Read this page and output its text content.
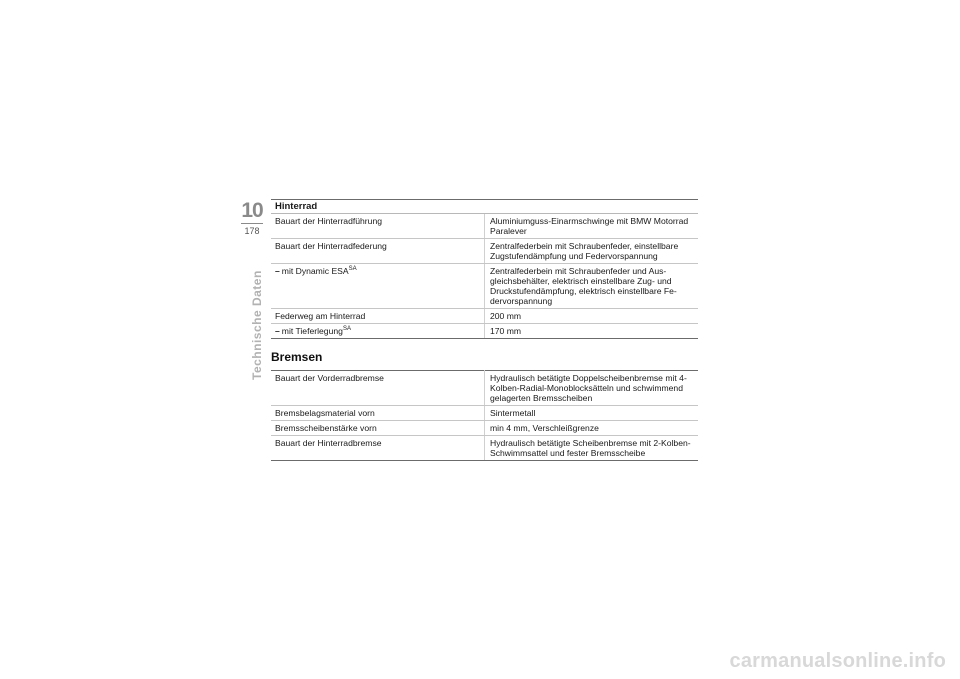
10
178
Technische Daten
Hinterrad
Bauart der Hinterradführung	Aluminiumguss-Einarmschwinge mit BMW Motorrad Paralever
Bauart der Hinterradfederung	Zentralfederbein mit Schraubenfeder, einstellbare Zugstufendämpfung und Federvorspannung
– mit Dynamic $ESA^{SA}$	Zentralfederbein mit Schraubenfeder und Ausgleichsbehälter, elektrisch einstellbare Zug- und Druckstufendämpfung, elektrisch einstellbare Federvorspannung
Federweg am Hinterrad	200 mm
– mit Tieferlegung$^{SA}$	170 mm
Bremsen
Bauart der Vorderradbremse	Hydraulisch betätigte Doppelscheibenbremse mit 4-Kolben-Radial-Monoblocksätteln und schwimmend gelagerten Bremsscheiben
Bremsbelagsmaterial vorn	Sintermetall
Bremsscheibenstärke vorn	min 4 mm, Verschleißgrenze
Bauart der Hinterradbremse	Hydraulisch betätigte Scheibenbremse mit 2-Kolben-Schwimmsattel und fester Bremsscheibe
carmanualsonline.info
